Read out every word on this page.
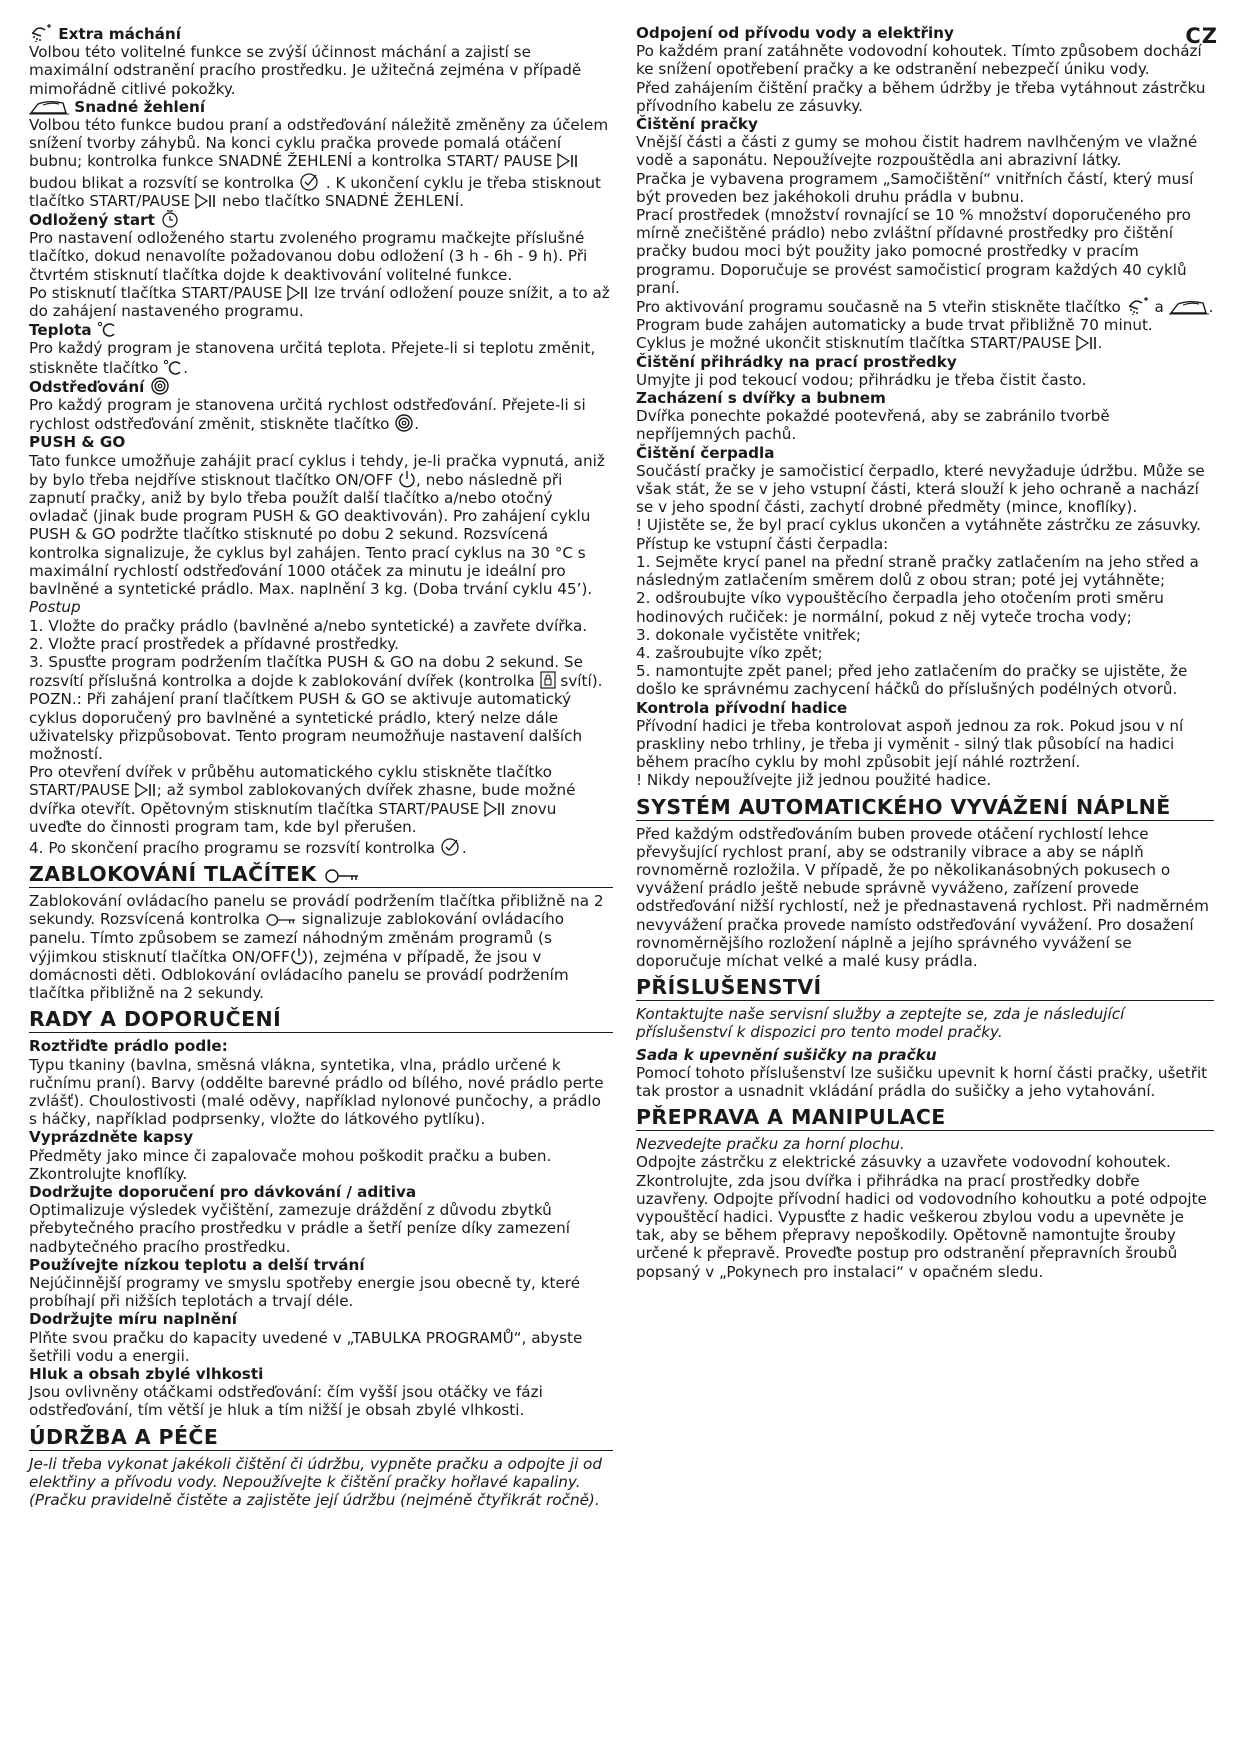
CZ

Extra máchání

Volbou této volitelné funkce se zvýší účinnost máchání a zajistí se maximální odstranění pracího prostředku. Je užitečná zejména v případě mimořádně citlivé pokožky.

Snadné žehlení

Volbou této funkce budou praní a odstřeďování náležitě změněny za účelem snížení tvorby záhybů. Na konci cyklu pračka provede pomalá otáčení bubnu; kontrolka funkce SNADNÉ ŽEHLENÍ a kontrolka START/ PAUSE
budou blikat a rozsvítí se kontrolka . K ukončení cyklu je třeba stisknout tlačítko START/PAUSE nebo tlačítko SNADNÉ ŽEHLENÍ.

Odložený start

Pro nastavení odloženého startu zvoleného programu mačkejte příslušné tlačítko, dokud nenavolíte požadovanou dobu odložení (3 h - 6h - 9 h). Při čtvrtém stisknutí tlačítka dojde k deaktivování volitelné funkce.

Po stisknutí tlačítka START/PAUSE lze trvání odložení pouze snížit, a to až do zahájení nastaveného programu.

Teplota

Pro každý program je stanovena určitá teplota. Přejete-li si teplotu změnit, stiskněte tlačítko .

Odstřeďování

Pro každý program je stanovena určitá rychlost odstřeďování. Přejete-li si rychlost odstřeďování změnit, stiskněte tlačítko .

PUSH & GO

Tato funkce umožňuje zahájit prací cyklus i tehdy, je-li pračka vypnutá, aniž by bylo třeba nejdříve stisknout tlačítko ON/OFF , nebo následně při zapnutí pračky, aniž by bylo třeba použít další tlačítko a/nebo otočný ovladač (jinak bude program PUSH & GO deaktivován). Pro zahájení cyklu PUSH & GO podržte tlačítko stisknuté po dobu 2 sekund. Rozsvícená kontrolka signalizuje, že cyklus byl zahájen. Tento prací cyklus na 30 °C s maximální rychlostí odstřeďování 1000 otáček za minutu je ideální pro bavlněné a syntetické prádlo. Max. naplnění 3 kg. (Doba trvání cyklu 45’).

Postup

1. Vložte do pračky prádlo (bavlněné a/nebo syntetické) a zavřete dvířka.

2. Vložte prací prostředek a přídavné prostředky.

3. Spusťte program podržením tlačítka PUSH & GO na dobu 2 sekund. Se rozsvítí příslušná kontrolka a dojde k zablokování dvířek (kontrolka svítí).

POZN.: Při zahájení praní tlačítkem PUSH & GO se aktivuje automatický cyklus doporučený pro bavlněné a syntetické prádlo, který nelze dále uživatelsky přizpůsobovat. Tento program neumožňuje nastavení dalších možností.

Pro otevření dvířek v průběhu automatického cyklu stiskněte tlačítko START/PAUSE ; až symbol zablokovaných dvířek zhasne, bude možné dvířka otevřít. Opětovným stisknutím tlačítka START/PAUSE znovu uveďte do činnosti program tam, kde byl přerušen.

4. Po skončení pracího programu se rozsvítí kontrolka .

ZABLOKOVÁNÍ TLAČÍTEK

Zablokování ovládacího panelu se provádí podržením tlačítka přibližně na 2 sekundy. Rozsvícená kontrolka	signalizuje zablokování ovládacího panelu. Tímto způsobem se zamezí náhodným změnám programů (s výjimkou stisknutí tlačítka ON/OFF ), zejména v případě, že jsou v domácnosti děti. Odblokování ovládacího panelu se provádí podržením tlačítka přibližně na 2 sekundy.

RADY A DOPORUČENÍ

Roztřiďte prádlo podle:

Typu tkaniny (bavlna, směsná vlákna, syntetika, vlna, prádlo určené k ručnímu praní). Barvy (oddělte barevné prádlo od bílého, nové prádlo perte zvlášť). Choulostivosti (malé oděvy, například nylonové punčochy, a prádlo s háčky, například podprsenky, vložte do látkového pytlíku).

Vyprázdněte kapsy

Předměty jako mince či zapalovače mohou poškodit pračku a buben. Zkontrolujte knoflíky.

Dodržujte doporučení pro dávkování / aditiva

Optimalizuje výsledek vyčištění, zamezuje dráždění z důvodu zbytků přebytečného pracího prostředku v prádle a šetří peníze díky zamezení nadbytečného pracího prostředku.

Používejte nízkou teplotu a delší trvání

Nejúčinnější programy ve smyslu spotřeby energie jsou obecně ty, které probíhají při nižších teplotách a trvají déle.

Dodržujte míru naplnění

Plňte svou pračku do kapacity uvedené v „TABULKA PROGRAMŮ“, abyste šetřili vodu a energii.

Hluk a obsah zbylé vlhkosti

Jsou ovlivněny otáčkami odstřeďování: čím vyšší jsou otáčky ve fázi odstřeďování, tím větší je hluk a tím nižší je obsah zbylé vlhkosti.

ÚDRŽBA A PÉČE

Je-li třeba vykonat jakékoli čištění či údržbu, vypněte pračku a odpojte ji od elektřiny a přívodu vody. Nepoužívejte k čištění pračky hořlavé kapaliny. (Pračku pravidelně čistěte a zajistěte její údržbu (nejméně čtyřikrát ročně).

Odpojení od přívodu vody a elektřiny

Po každém praní zatáhněte vodovodní kohoutek. Tímto způsobem dochází ke snížení opotřebení pračky a ke odstranění nebezpečí úniku vody.

Před zahájením čištění pračky a během údržby je třeba vytáhnout zástrčku přívodního kabelu ze zásuvky.

Čištění pračky

Vnější části a části z gumy se mohou čistit hadrem navlhčeným ve vlažné vodě a saponátu. Nepoužívejte rozpouštědla ani abrazivní látky.

Pračka je vybavena programem „Samočištění“ vnitřních částí, který musí být proveden bez jakéhokoli druhu prádla v bubnu.

Prací prostředek (množství rovnající se 10 % množství doporučeného pro mírně znečištěné prádlo) nebo zvláštní přídavné prostředky pro čištění pračky budou moci být použity jako pomocné prostředky v pracím programu. Doporučuje se provést samočisticí program každých 40 cyklů praní.

Pro aktivování programu současně na 5 vteřin stiskněte tlačítko a	.

Program bude zahájen automaticky a bude trvat přibližně 70 minut.

Cyklus je možné ukončit stisknutím tlačítka START/PAUSE .

Čištění přihrádky na prací prostředky

Umyjte ji pod tekoucí vodou; přihrádku je třeba čistit často.

Zacházení s dvířky a bubnem

Dvířka ponechte pokaždé pootevřená, aby se zabránilo tvorbě nepříjemných pachů.

Čištění čerpadla

Součástí pračky je samočisticí čerpadlo, které nevyžaduje údržbu. Může se však stát, že se v jeho vstupní části, která slouží k jeho ochraně a nachází se v jeho spodní části, zachytí drobné předměty (mince, knoflíky).

! Ujistěte se, že byl prací cyklus ukončen a vytáhněte zástrčku ze zásuvky.

Přístup ke vstupní části čerpadla:

1. Sejměte krycí panel na přední straně pračky zatlačením na jeho střed a následným zatlačením směrem dolů z obou stran; poté jej vytáhněte;

2. odšroubujte víko vypouštěcího čerpadla jeho otočením proti směru hodinových ručiček: je normální, pokud z něj vyteče trocha vody;

3. dokonale vyčistěte vnitřek;

4. zašroubujte víko zpět;

5. namontujte zpět panel; před jeho zatlačením do pračky se ujistěte, že došlo ke správnému zachycení háčků do příslušných podélných otvorů.

Kontrola přívodní hadice

Přívodní hadici je třeba kontrolovat aspoň jednou za rok. Pokud jsou v ní praskliny nebo trhliny, je třeba ji vyměnit - silný tlak působící na hadici během pracího cyklu by mohl způsobit její náhlé roztržení.

! Nikdy nepoužívejte již jednou použité hadice.

SYSTÉM AUTOMATICKÉHO VYVÁŽENÍ NÁPLNĚ

Před každým odstřeďováním buben provede otáčení rychlostí lehce převyšující rychlost praní, aby se odstranily vibrace a aby se náplň rovnoměrně rozložila. V případě, že po několikanásobných pokusech o vyvážení prádlo ještě nebude správně vyváženo, zařízení provede odstřeďování nižší rychlostí, než je přednastavená rychlost. Při nadměrném nevyvážení pračka provede namísto odstřeďování vyvážení. Pro dosažení rovnoměrnějšího rozložení náplně a jejího správného vyvážení se doporučuje míchat velké a malé kusy prádla.

PŘÍSLUŠENSTVÍ

Kontaktujte naše servisní služby a zeptejte se, zda je následující příslušenství k dispozici pro tento model pračky.

Sada k upevnění sušičky na pračku

Pomocí tohoto příslušenství lze sušičku upevnit k horní části pračky, ušetřit tak prostor a usnadnit vkládání prádla do sušičky a jeho vytahování.

PŘEPRAVA A MANIPULACE

Nezvedejte pračku za horní plochu.

Odpojte zástrčku z elektrické zásuvky a uzavřete vodovodní kohoutek. Zkontrolujte, zda jsou dvířka i přihrádka na prací prostředky dobře uzavřeny. Odpojte přívodní hadici od vodovodního kohoutku a poté odpojte vypouštěcí hadici. Vypusťte z hadic veškerou zbylou vodu a upevněte je tak, aby se během přepravy nepoškodily. Opětovně namontujte šrouby určené k přepravě. Proveďte postup pro odstranění přepravních šroubů popsaný v „Pokynech pro instalaci“ v opačném sledu.
